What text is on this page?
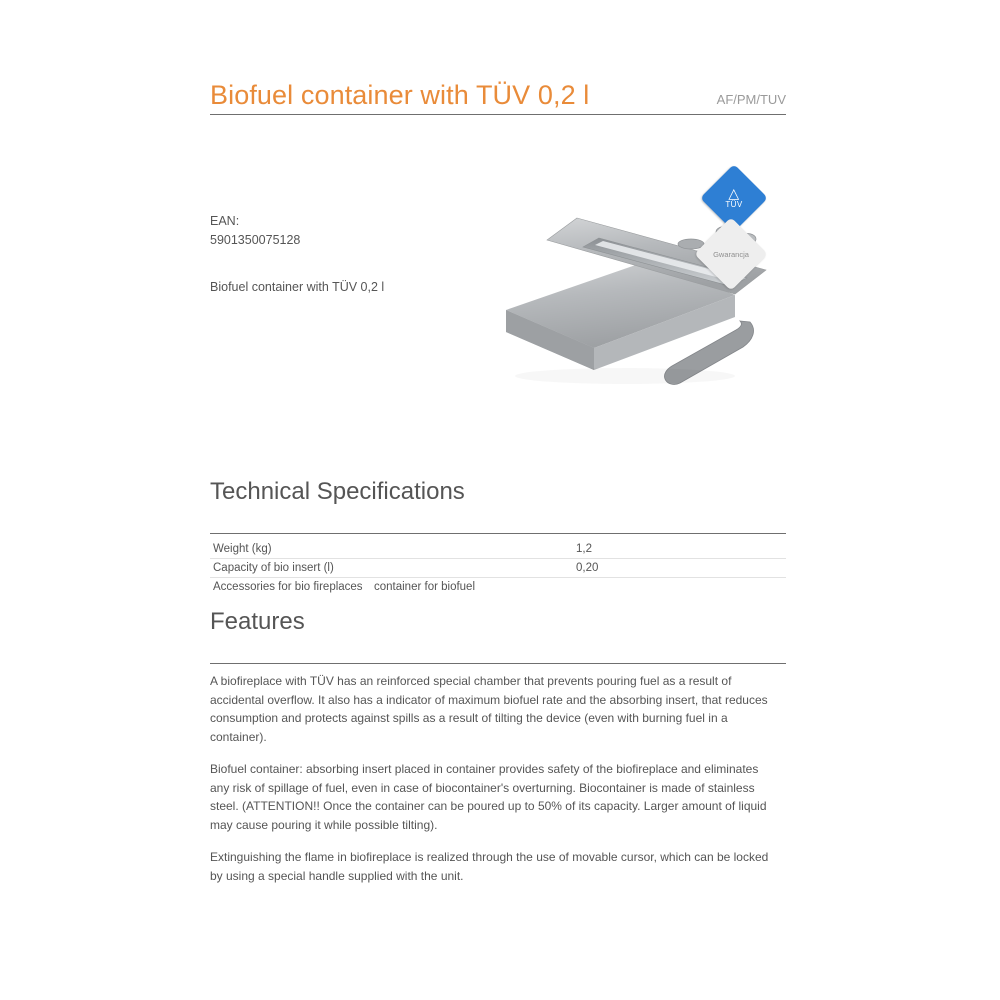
Biofuel container with TÜV 0,2 l	AF/PM/TUV

EAN:

5901350075128

Biofuel container with TÜV 0,2 l

△
TÜV
Gwarancja
Technical Specifications
Weight (kg)	1,2
Capacity of bio insert (l)	0,20
Accessories for bio fireplaces	container for biofuel
Features

A biofireplace with TÜV has an reinforced special chamber that prevents pouring fuel as a result of accidental overflow. It also has a indicator of maximum biofuel rate and the absorbing insert, that reduces consumption and protects against spills as a result of tilting the device (even with burning fuel in a container).

Biofuel container: absorbing insert placed in container provides safety of the biofireplace and eliminates any risk of spillage of fuel, even in case of biocontainer's overturning. Biocontainer is made of stainless steel. (ATTENTION!! Once the container can be poured up to 50% of its capacity. Larger amount of liquid may cause pouring it while possible tilting).

Extinguishing the flame in biofireplace is realized through the use of movable cursor, which can be locked by using a special handle supplied with the unit.
